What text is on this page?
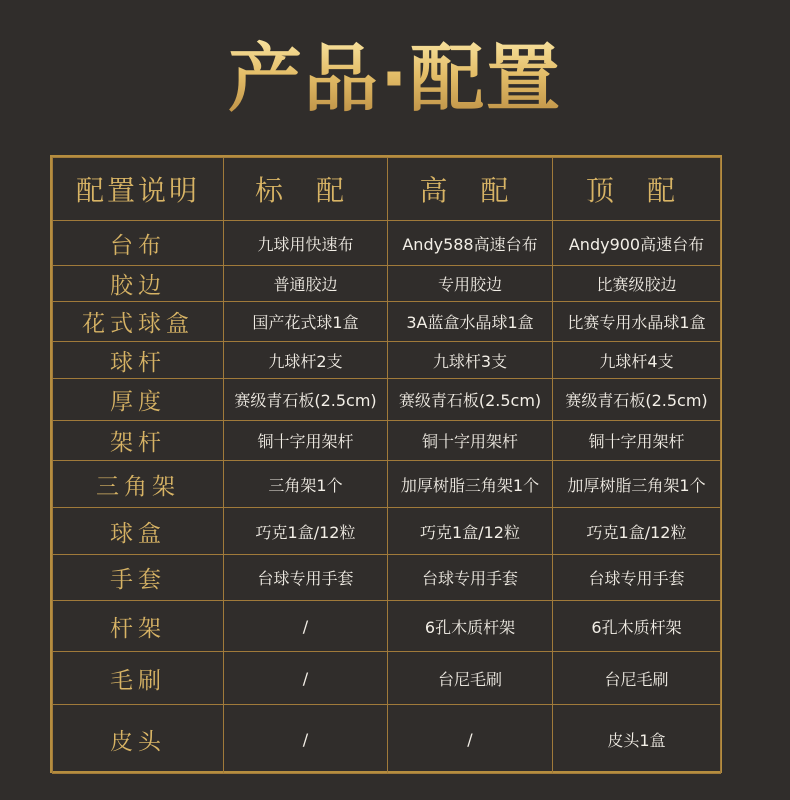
产品·配置
配置说明	标 配	高 配	顶 配
台布	九球用快速布	Andy588高速台布	Andy900高速台布
胶边	普通胶边	专用胶边	比赛级胶边
花式球盒	国产花式球1盒	3A蓝盒水晶球1盒	比赛专用水晶球1盒
球杆	九球杆2支	九球杆3支	九球杆4支
厚度	赛级青石板(2.5cm)	赛级青石板(2.5cm)	赛级青石板(2.5cm)
架杆	铜十字用架杆	铜十字用架杆	铜十字用架杆
三角架	三角架1个	加厚树脂三角架1个	加厚树脂三角架1个
球盒	巧克1盒/12粒	巧克1盒/12粒	巧克1盒/12粒
手套	台球专用手套	台球专用手套	台球专用手套
杆架	/	6孔木质杆架	6孔木质杆架
毛刷	/	台尼毛刷	台尼毛刷
皮头	/	/	皮头1盒
